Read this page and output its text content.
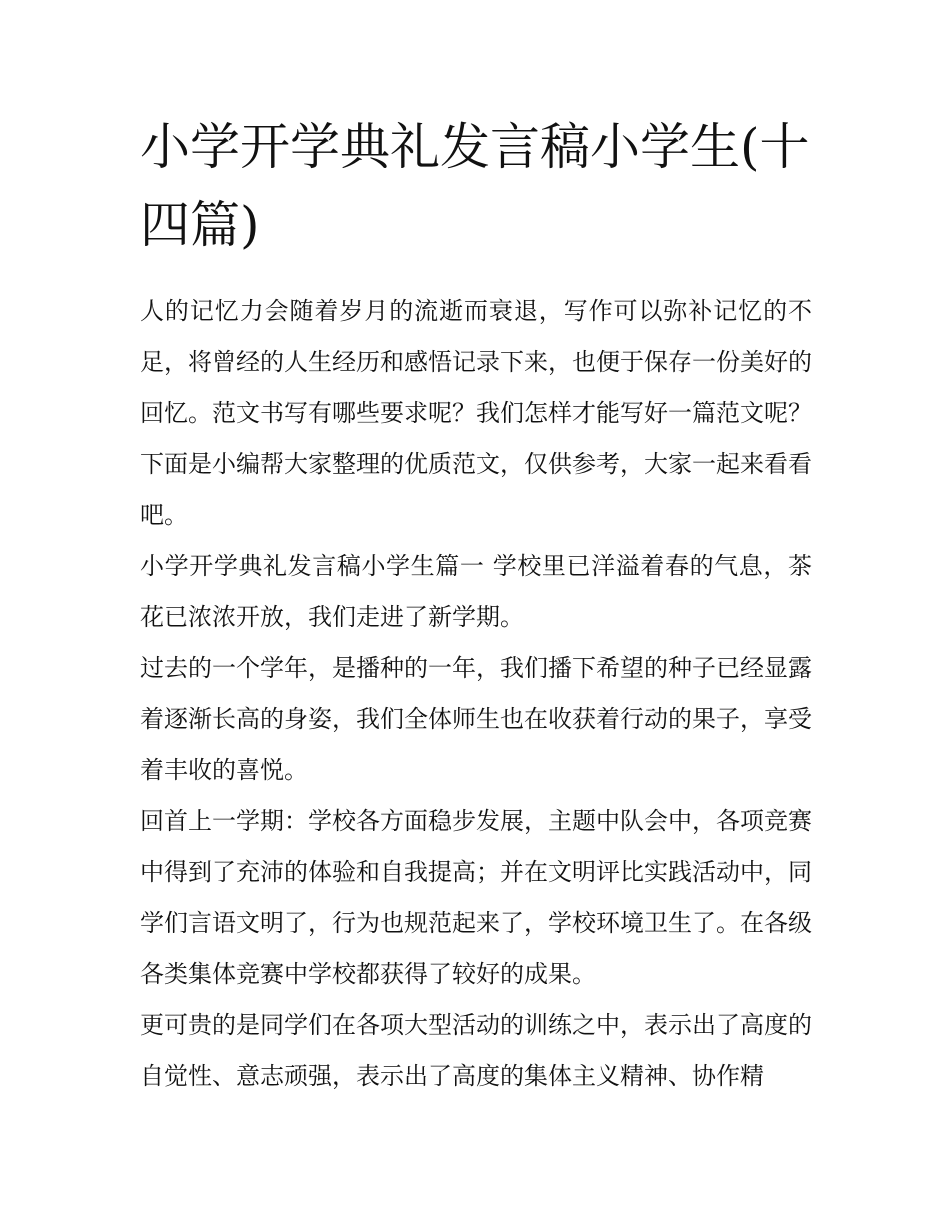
小学开学典礼发言稿小学生(十四篇)

人的记忆力会随着岁月的流逝而衰退，写作可以弥补记忆的不足，将曾经的人生经历和感悟记录下来，也便于保存一份美好的回忆。范文书写有哪些要求呢？我们怎样才能写好一篇范文呢？下面是小编帮大家整理的优质范文，仅供参考，大家一起来看看吧。

小学开学典礼发言稿小学生篇一 学校里已洋溢着春的气息，茶花已浓浓开放，我们走进了新学期。

过去的一个学年，是播种的一年，我们播下希望的种子已经显露着逐渐长高的身姿，我们全体师生也在收获着行动的果子，享受着丰收的喜悦。

回首上一学期：学校各方面稳步发展，主题中队会中，各项竞赛中得到了充沛的体验和自我提高；并在文明评比实践活动中，同学们言语文明了，行为也规范起来了，学校环境卫生了。在各级各类集体竞赛中学校都获得了较好的成果。

更可贵的是同学们在各项大型活动的训练之中，表示出了高度的自觉性、意志顽强，表示出了高度的集体主义精神、协作精
